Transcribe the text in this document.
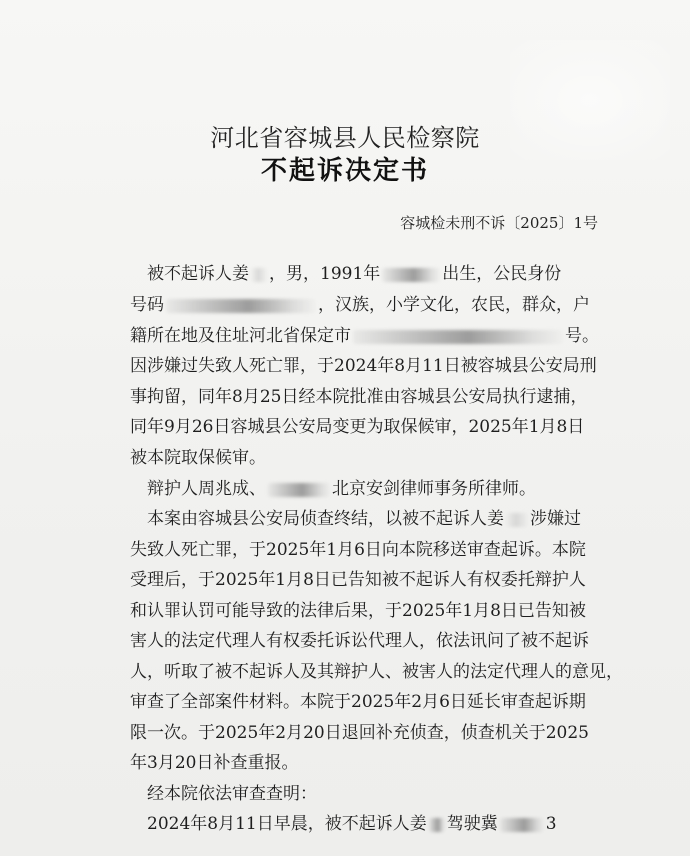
河北省容城县人民检察院
不起诉决定书
容城检未刑不诉〔2025〕1号
被不起诉人姜 ，男，1991年	出生，公民身份
号码	，汉族，小学文化，农民，群众，户
籍所在地及住址河北省保定市	号。
因涉嫌过失致人死亡罪，于2024年8月11日被容城县公安局刑
事拘留，同年8月25日经本院批准由容城县公安局执行逮捕，
同年9月26日容城县公安局变更为取保候审，2025年1月8日
被本院取保候审。
辩护人周兆成、	北京安剑律师事务所律师。
本案由容城县公安局侦查终结，以被不起诉人姜 涉嫌过
失致人死亡罪，于2025年1月6日向本院移送审查起诉。本院
受理后，于2025年1月8日已告知被不起诉人有权委托辩护人
和认罪认罚可能导致的法律后果，于2025年1月8日已告知被
害人的法定代理人有权委托诉讼代理人，依法讯问了被不起诉
人，听取了被不起诉人及其辩护人、被害人的法定代理人的意见，
审查了全部案件材料。本院于2025年2月6日延长审查起诉期
限一次。于2025年2月20日退回补充侦查，侦查机关于2025
年3月20日补查重报。
经本院依法审查查明：
2024年8月11日早晨，被不起诉人姜 驾驶冀	3
